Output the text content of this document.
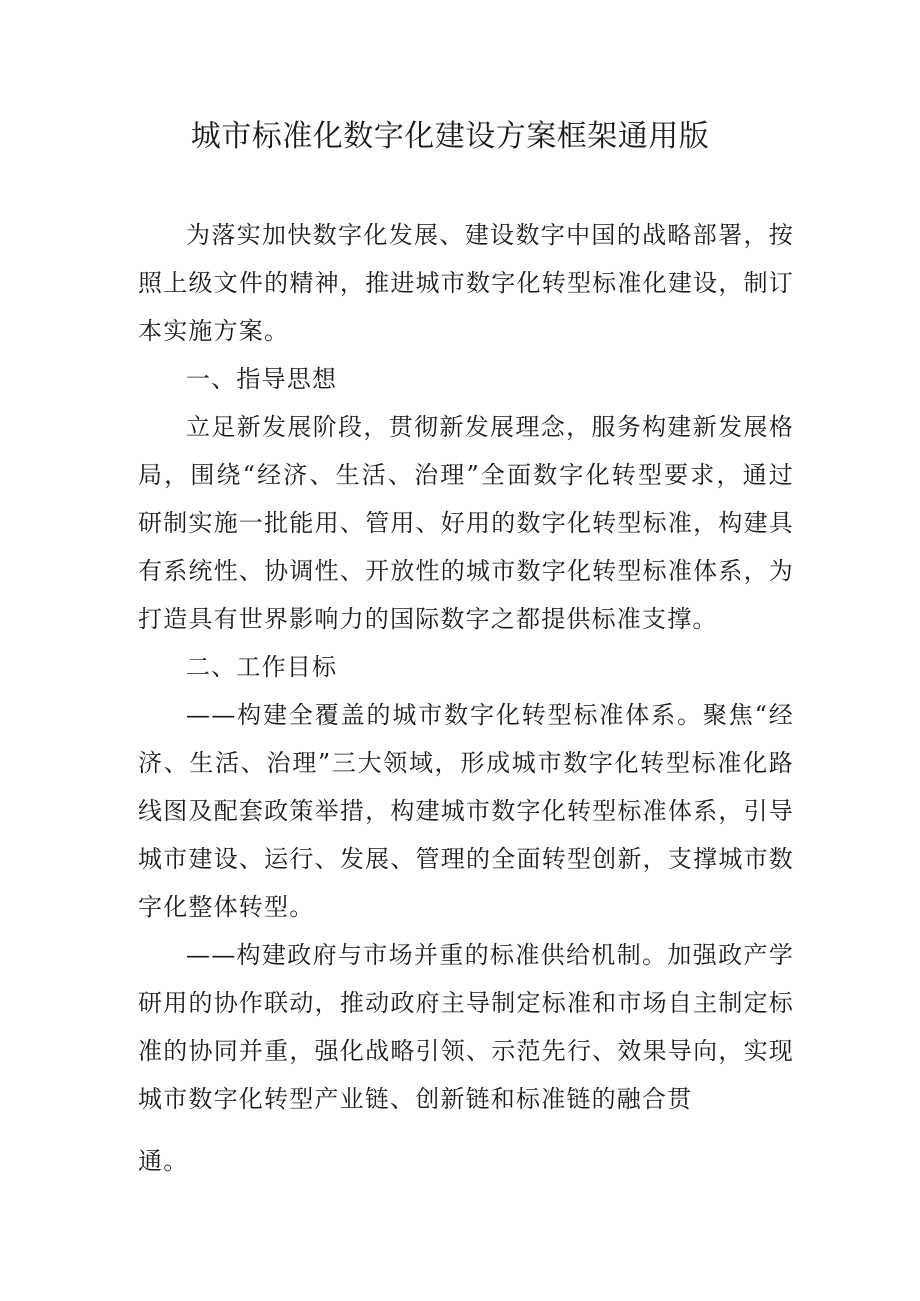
城市标准化数字化建设方案框架通用版

为落实加快数字化发展、建设数字中国的战略部署，按照上级文件的精神，推进城市数字化转型标准化建设，制订本实施方案。

一、指导思想

立足新发展阶段，贯彻新发展理念，服务构建新发展格局，围绕“经济、生活、治理”全面数字化转型要求，通过研制实施一批能用、管用、好用的数字化转型标准，构建具有系统性、协调性、开放性的城市数字化转型标准体系，为打造具有世界影响力的国际数字之都提供标准支撑。

二、工作目标

——构建全覆盖的城市数字化转型标准体系。聚焦“经济、生活、治理”三大领域，形成城市数字化转型标准化路线图及配套政策举措，构建城市数字化转型标准体系，引导城市建设、运行、发展、管理的全面转型创新，支撑城市数字化整体转型。

——构建政府与市场并重的标准供给机制。加强政产学研用的协作联动，推动政府主导制定标准和市场自主制定标准的协同并重，强化战略引领、示范先行、效果导向，实现城市数字化转型产业链、创新链和标准链的融合贯

通。
